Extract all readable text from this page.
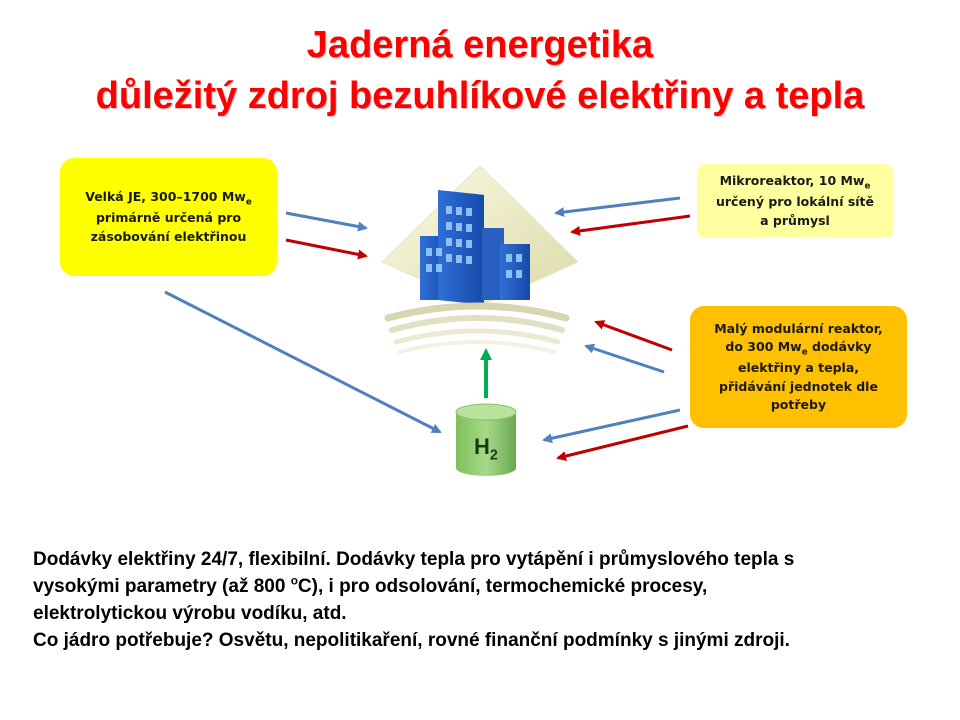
Jaderná energetika
důležitý zdroj bezuhlíkové elektřiny a tepla
$H_2$
Velká JE, 300–1700 $Mw_e$
primárně určená pro
zásobování elektřinou
Mikroreaktor, 10 $Mw_e$
určený pro lokální sítě
a průmysl
Malý modulární reaktor,
do 300 $Mw_e$ dodávky
elektřiny a tepla,
přidávání jednotek dle
potřeby
Dodávky elektřiny 24/7, flexibilní. Dodávky tepla pro vytápění i průmyslového tepla s
vysokými parametry (až 800 $^o$C), i pro odsolování, termochemické procesy,
elektrolytickou výrobu vodíku, atd.
Co jádro potřebuje? Osvětu, nepolitikaření, rovné finanční podmínky s jinými zdroji.
